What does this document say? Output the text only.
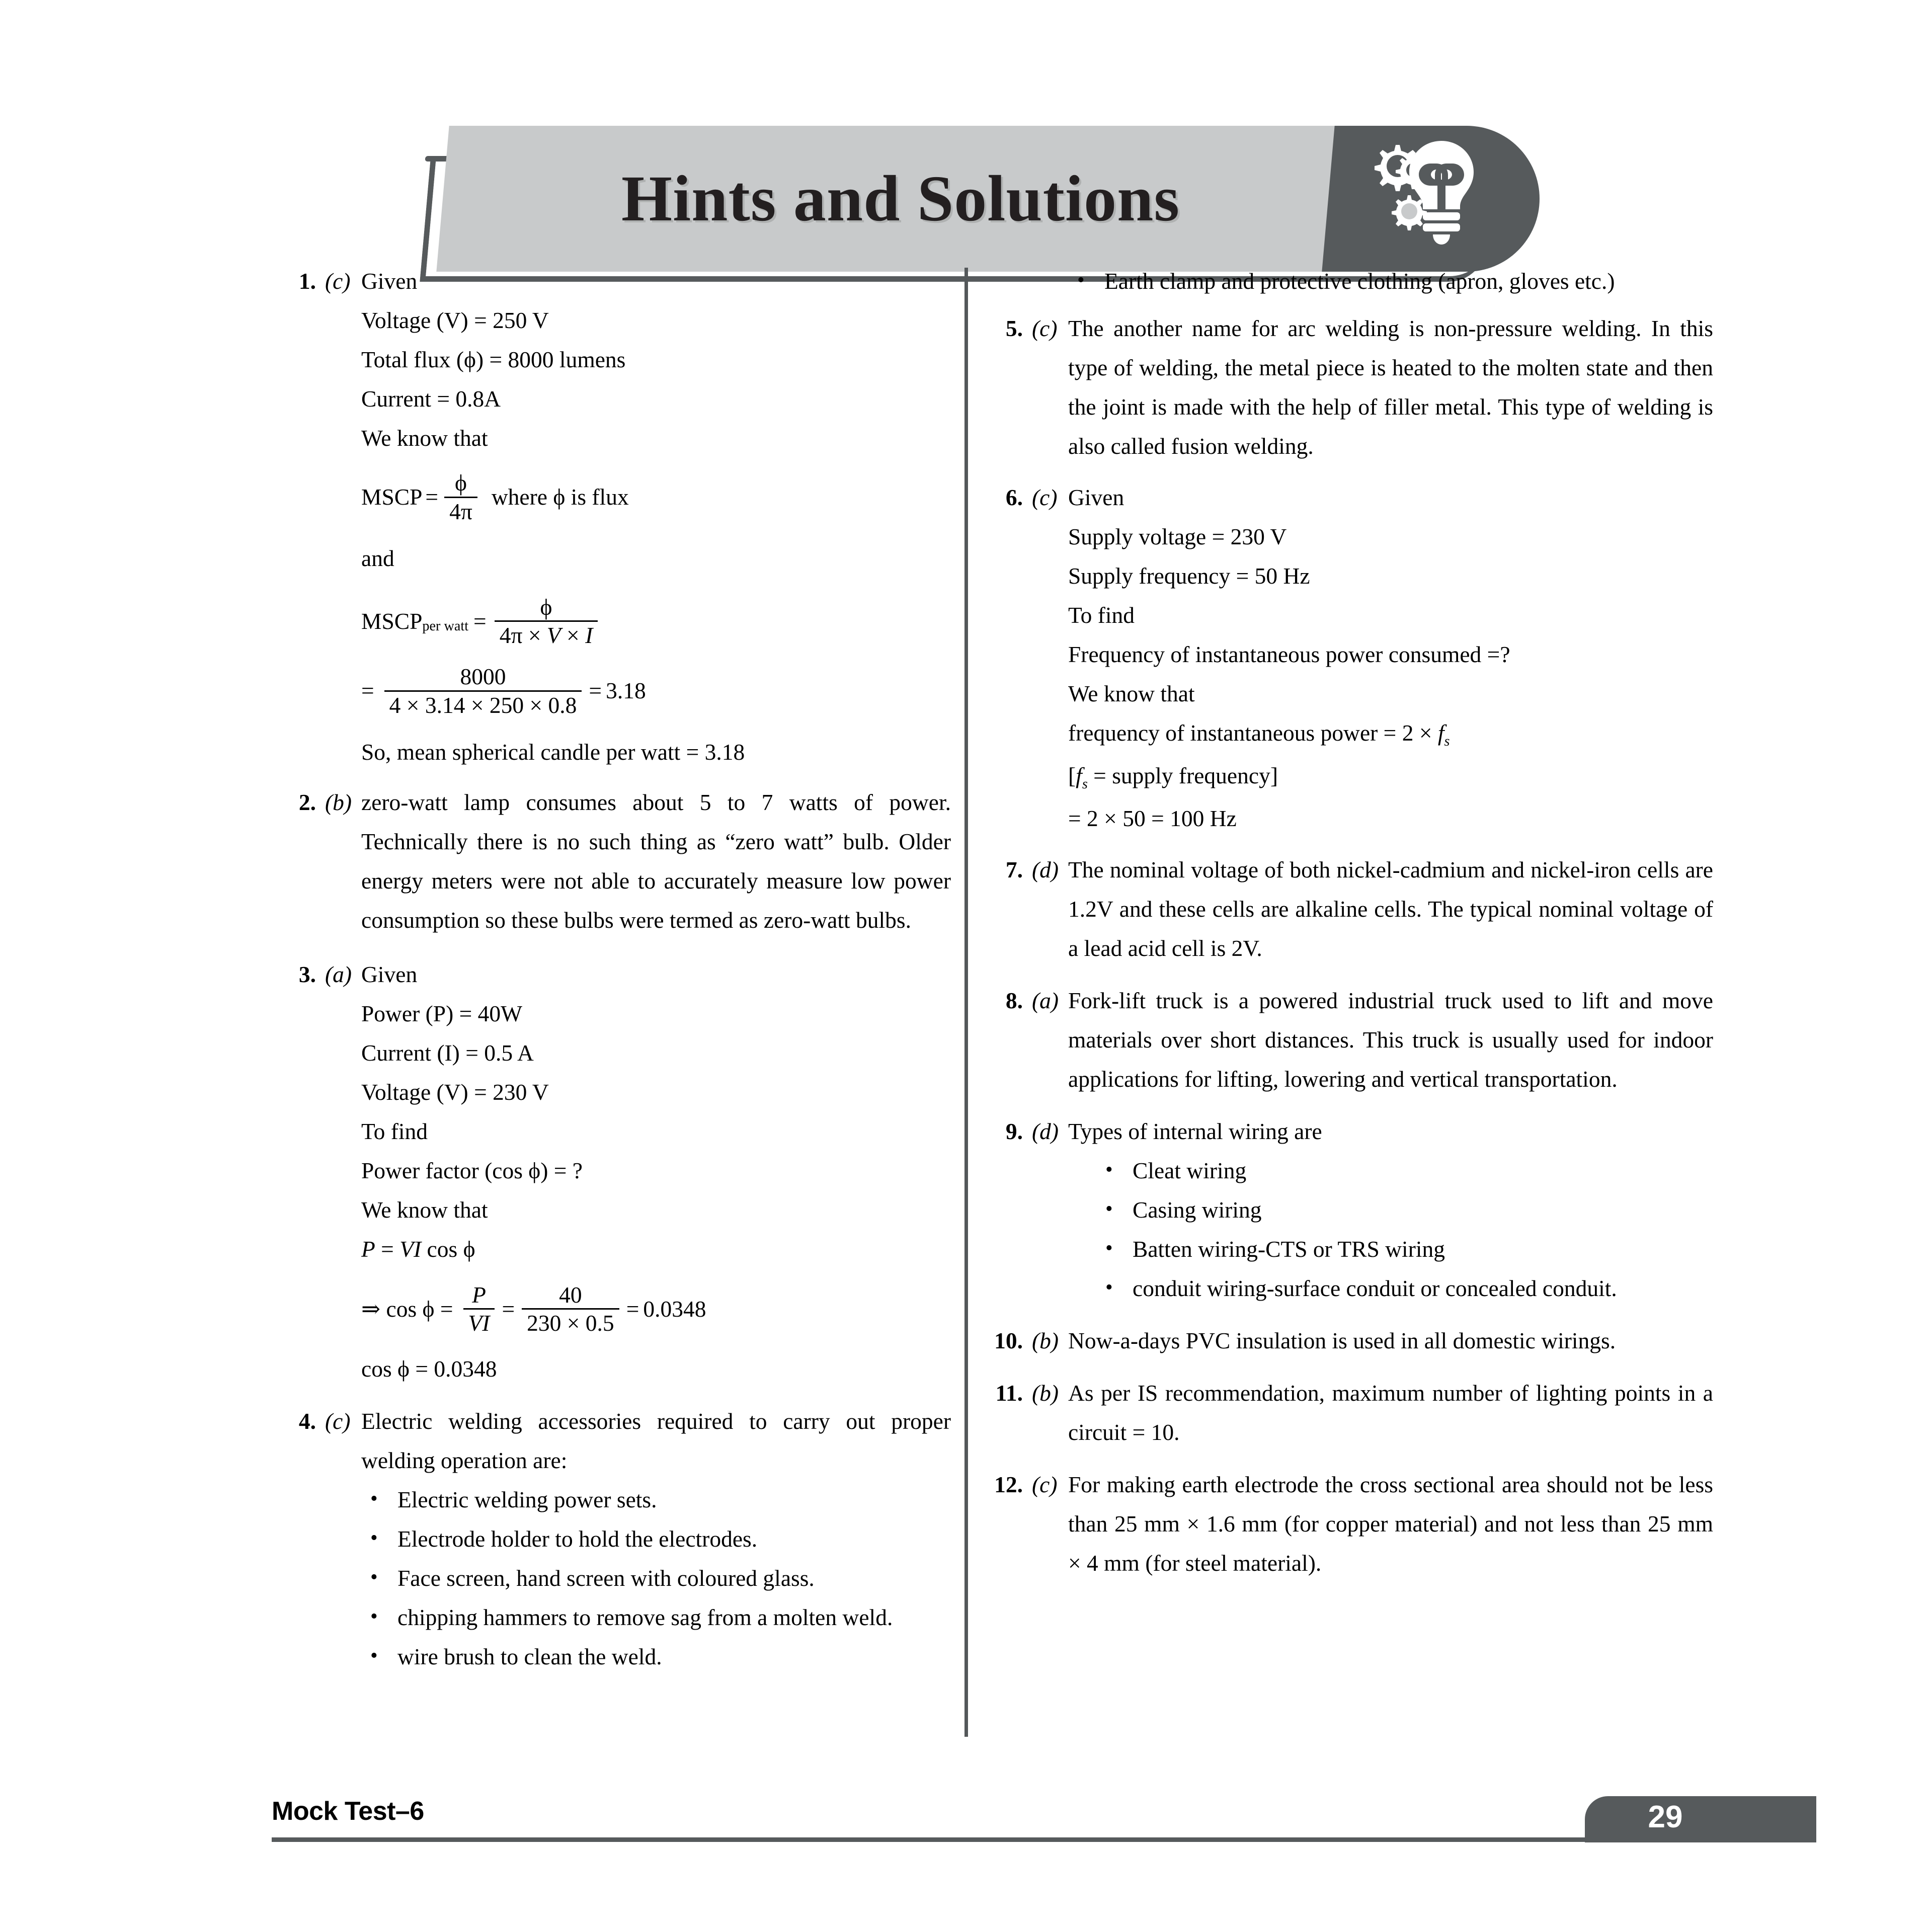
Hints and Solutions
1. (c) Given
Voltage (V) = 250 V
Total flux (ϕ) = 8000 lumens
Current = 0.8A
We know that
MSCP = $\frac{\phi}{4\pi}$ where ϕ is flux
and
MSCP per watt = $\frac{\phi}{4\pi \times V \times I}$
= $\frac{8000}{4 \times 3.14 \times 250 \times 0.8} = 3.18$
So, mean spherical candle per watt = 3.18
2. (b) zero-watt lamp consumes about 5 to 7 watts of power. Technically there is no such thing as “zero watt” bulb. Older energy meters were not able to accurately measure low power consumption so these bulbs were termed as zero-watt bulbs.
3. (a) Given
Power (P) = 40W
Current (I) = 0.5 A
Voltage (V) = 230 V
To find
Power factor (cos ϕ) = ?
We know that
P = VI cos ϕ
⇒ $\cos \phi = \frac{P}{VI} = \frac{40}{230 \times 0.5} = 0.0348$
cos ϕ = 0.0348
4. (c) Electric welding accessories required to carry out proper welding operation are:
• Electric welding power sets.
• Electrode holder to hold the electrodes.
• Face screen, hand screen with coloured glass.
• chipping hammers to remove sag from a molten weld.
• wire brush to clean the weld.
• Earth clamp and protective clothing (apron, gloves etc.)
5. (c) The another name for arc welding is non-pressure welding. In this type of welding, the metal piece is heated to the molten state and then the joint is made with the help of filler metal. This type of welding is also called fusion welding.
6. (c) Given
Supply voltage = 230 V
Supply frequency = 50 Hz
To find
Frequency of instantaneous power consumed =?
We know that
frequency of instantaneous power = $2 \times f_s$
[$f_s$ = supply frequency]
= 2 × 50 = 100 Hz
7. (d) The nominal voltage of both nickel-cadmium and nickel-iron cells are 1.2V and these cells are alkaline cells. The typical nominal voltage of a lead acid cell is 2V.
8. (a) Fork-lift truck is a powered industrial truck used to lift and move materials over short distances. This truck is usually used for indoor applications for lifting, lowering and vertical transportation.
9. (d) Types of internal wiring are
• Cleat wiring
• Casing wiring
• Batten wiring-CTS or TRS wiring
• conduit wiring-surface conduit or concealed conduit.
10. (b) Now-a-days PVC insulation is used in all domestic wirings.
11. (b) As per IS recommendation, maximum number of lighting points in a circuit = 10.
12. (c) For making earth electrode the cross sectional area should not be less than 25 mm × 1.6 mm (for copper material) and not less than 25 mm × 4 mm (for steel material).
Mock Test–6	29
